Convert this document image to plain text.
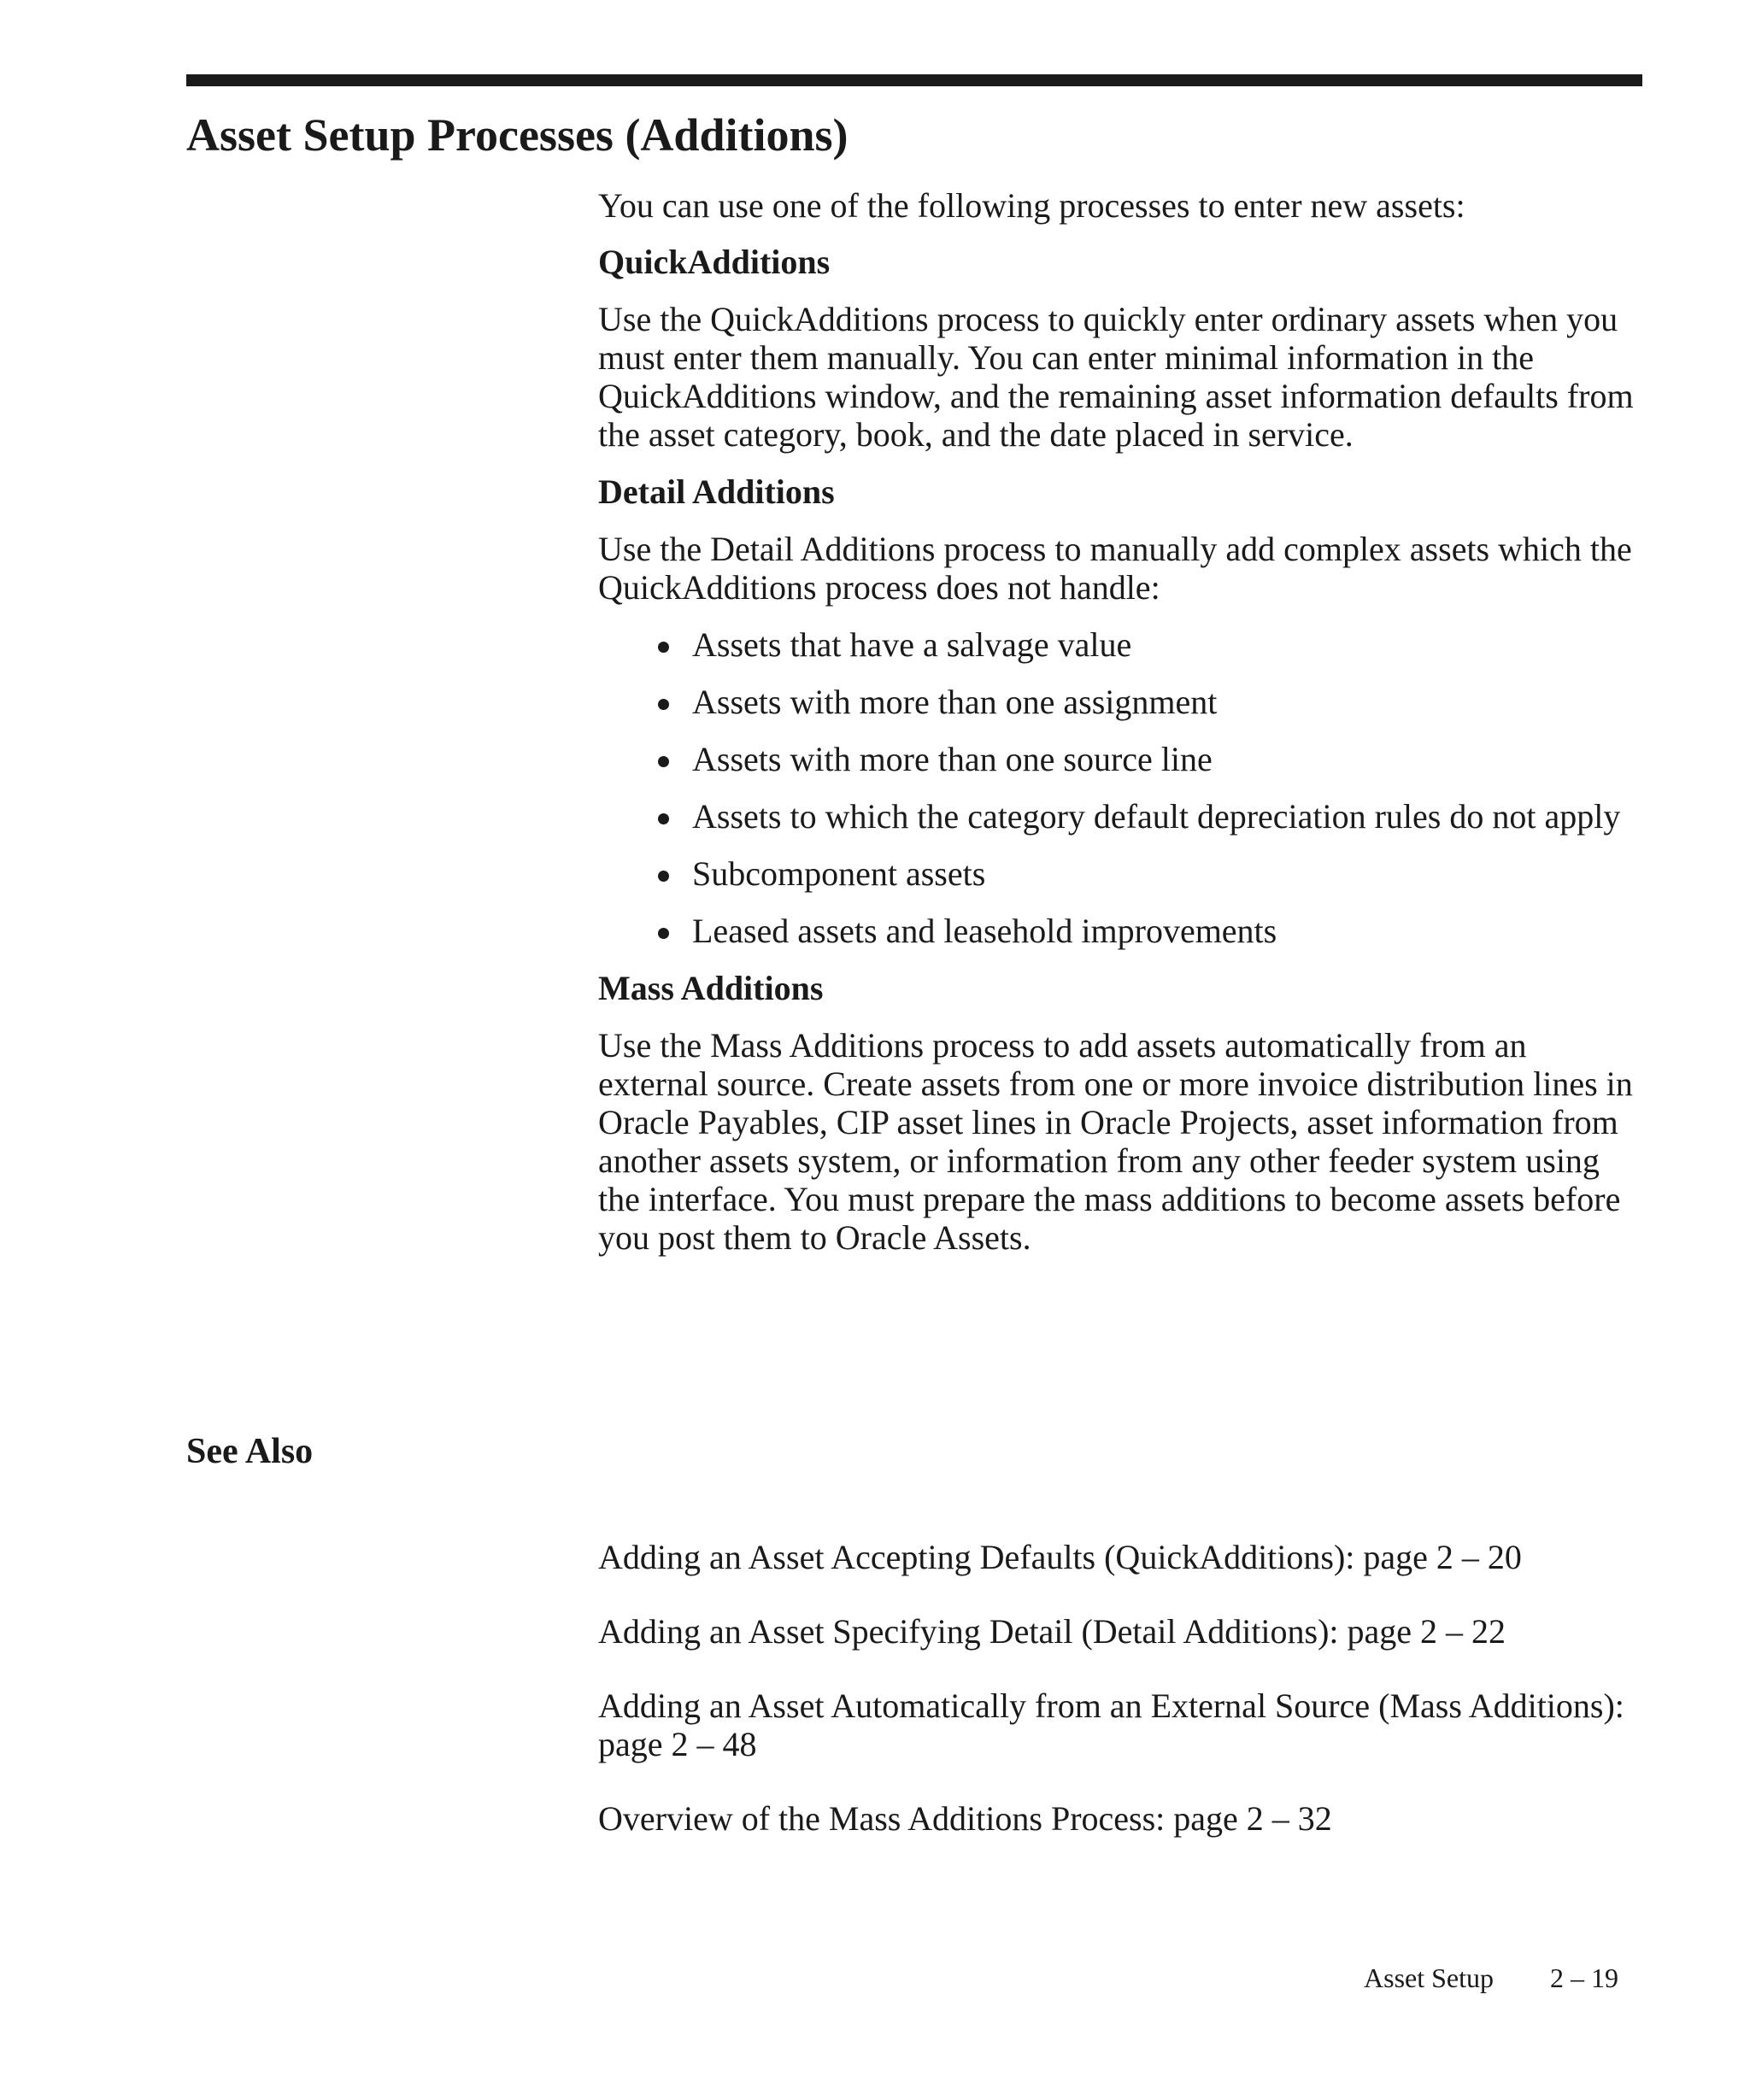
Asset Setup Processes (Additions)

You can use one of the following processes to enter new assets:

QuickAdditions

Use the QuickAdditions process to quickly enter ordinary assets when you must enter them manually. You can enter minimal information in the QuickAdditions window, and the remaining asset information defaults from the asset category, book, and the date placed in service.

Detail Additions

Use the Detail Additions process to manually add complex assets which the QuickAdditions process does not handle:

Assets that have a salvage value
Assets with more than one assignment
Assets with more than one source line
Assets to which the category default depreciation rules do not apply
Subcomponent assets
Leased assets and leasehold improvements

Mass Additions

Use the Mass Additions process to add assets automatically from an external source. Create assets from one or more invoice distribution lines in Oracle Payables, CIP asset lines in Oracle Projects, asset information from another assets system, or information from any other feeder system using the interface. You must prepare the mass additions to become assets before you post them to Oracle Assets.

See Also

Adding an Asset Accepting Defaults (QuickAdditions): page 2 – 20

Adding an Asset Specifying Detail (Detail Additions): page 2 – 22

Adding an Asset Automatically from an External Source (Mass Additions): page 2 – 48

Overview of the Mass Additions Process: page 2 – 32

Asset Setup 2 – 19
